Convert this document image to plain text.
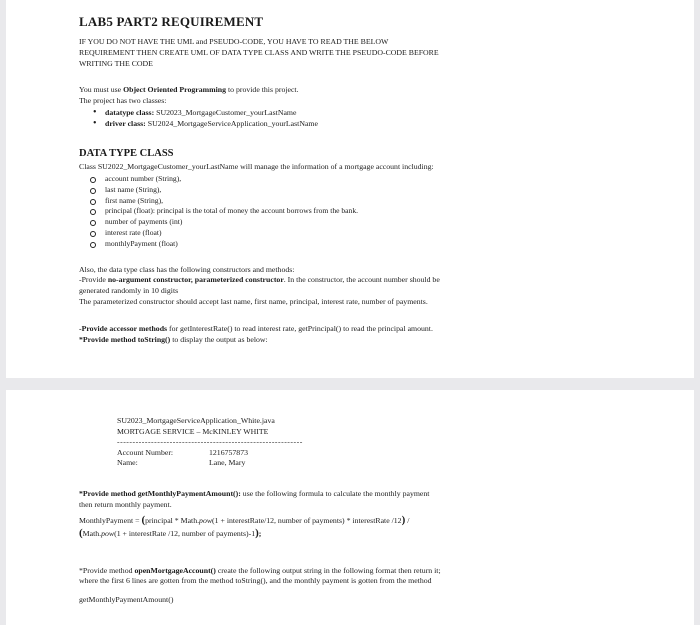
LAB5 PART2 REQUIREMENT

IF YOU DO NOT HAVE THE UML and PSEUDO-CODE, YOU HAVE TO READ THE BELOW

REQUIREMENT THEN CREATE UML OF DATA TYPE CLASS AND WRITE THE PSEUDO-CODE BEFORE

WRITING THE CODE

You must use Object Oriented Programming to provide this project.

The project has two classes:

• datatype class: SU2023_MortgageCustomer_yourLastName
• driver class: SU2024_MortgageServiceApplication_yourLastName
DATA TYPE CLASS

Class SU2022_MortgageCustomer_yourLastName will manage the information of a mortgage account including:

account number (String),
last name (String),
first name (String),
principal (float): principal is the total of money the account borrows from the bank.
number of payments (int)
interest rate (float)
monthlyPayment (float)

Also, the data type class has the following constructors and methods:

-Provide no-argument constructor, parameterized constructor. In the constructor, the account number should be

generated randomly in 10 digits

The parameterized constructor should accept last name, first name, principal, interest rate, number of payments.

-Provide accessor methods for getInterestRate() to read interest rate, getPrincipal() to read the principal amount.

*Provide method toString() to display the output as below:

SU2023_MortgageServiceApplication_White.java
MORTGAGE SERVICE – McKINLEY WHITE
------------------------------------------------------------
Account Number:	1216757873
Name:	Lane, Mary

*Provide method getMonthlyPaymentAmount(): use the following formula to calculate the monthly payment

then return monthly payment.

MonthlyPayment = (principal * Math.pow(1 + interestRate/12, number of payments) * interestRate /12) /

(Math.pow(1 + interestRate /12, number of payments)-1);

*Provide method openMortgageAccount() create the following output string in the following format then return it;

where the first 6 lines are gotten from the method toString(), and the monthly payment is gotten from the method

getMonthlyPaymentAmount()
